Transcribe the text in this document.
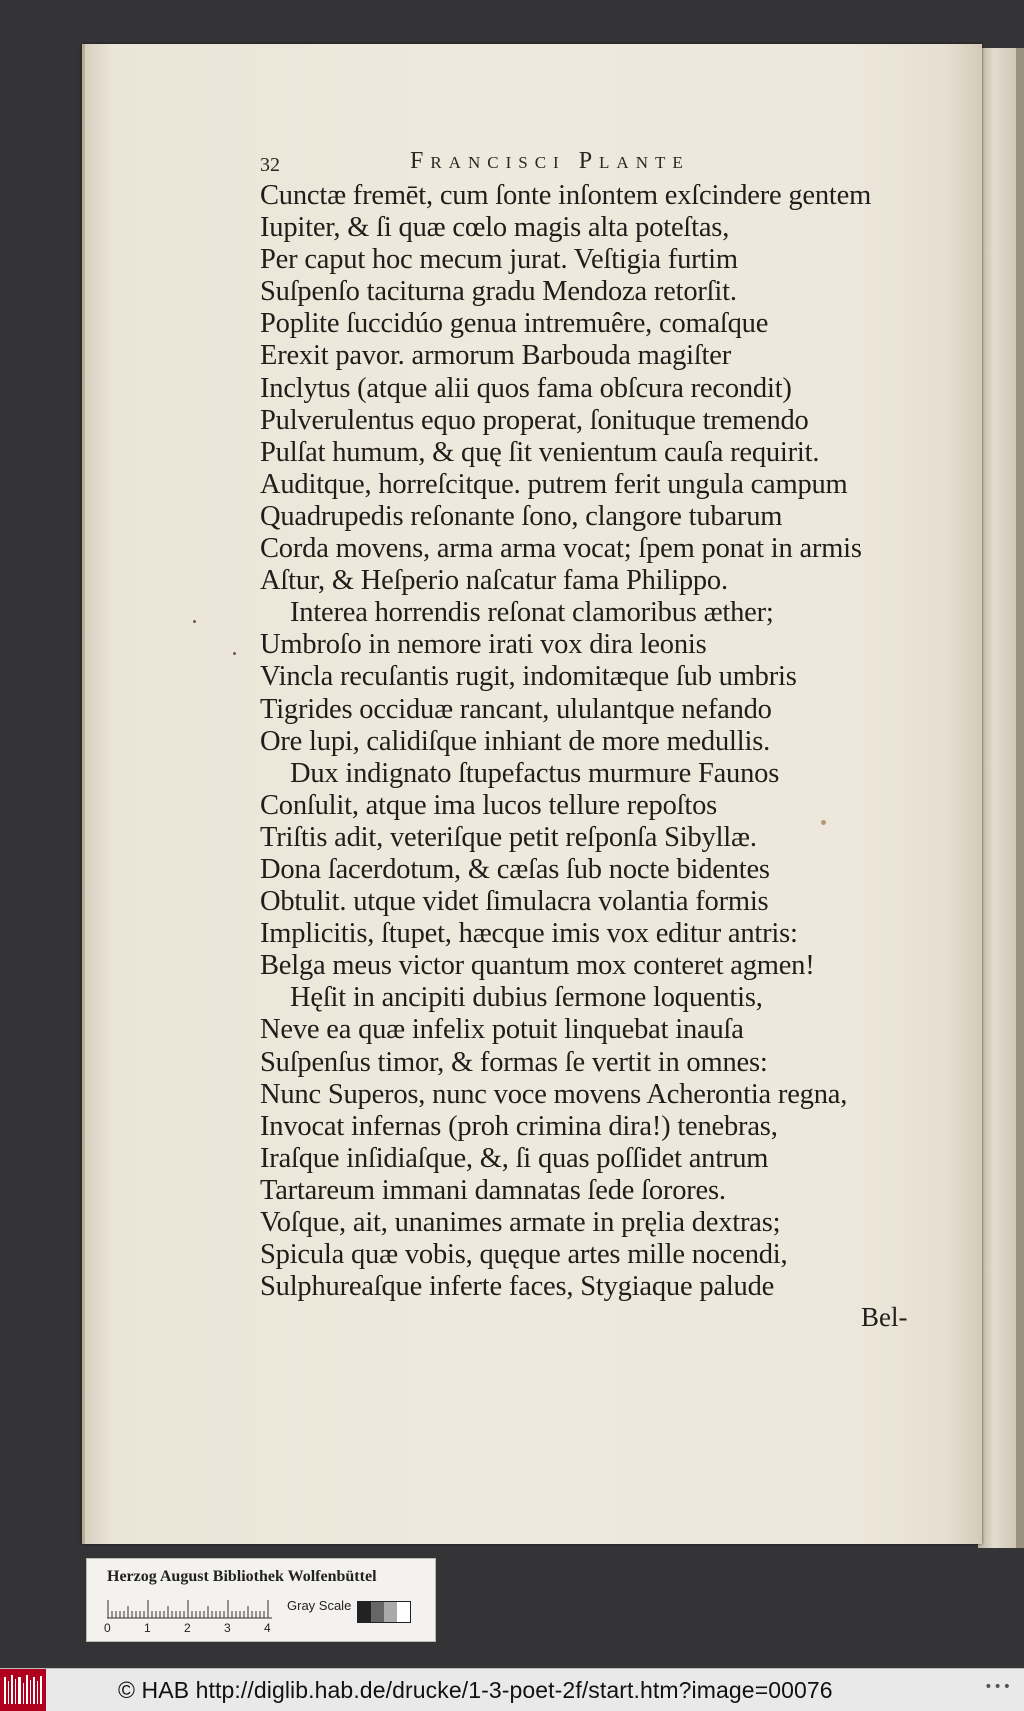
32	Francisci Plante
Cunctæ fremēt, cum ſonte inſontem exſcindere gentem
Iupiter, & ſi quæ cœlo magis alta poteſtas,
Per caput hoc mecum jurat. Veſtigia furtim
Suſpenſo taciturna gradu Mendoza retorſit.
Poplite ſuccidúo genua intremuêre, comaſque
Erexit pavor. armorum Barbouda magiſter
Inclytus (atque alii quos fama obſcura recondit)
Pulverulentus equo properat, ſonituque tremendo
Pulſat humum, & quę ſit venientum cauſa requirit.
Auditque, horreſcitque. putrem ferit ungula campum
Quadrupedis reſonante ſono, clangore tubarum
Corda movens, arma arma vocat; ſpem ponat in armis
Aſtur, & Heſperio naſcatur fama Philippo.
Interea horrendis reſonat clamoribus æther;
Umbroſo in nemore irati vox dira leonis
Vincla recuſantis rugit, indomitæque ſub umbris
Tigrides occiduæ rancant, ululantque nefando
Ore lupi, calidiſque inhiant de more medullis.
Dux indignato ſtupefactus murmure Faunos
Conſulit, atque ima lucos tellure repoſtos
Triſtis adit, veteriſque petit reſponſa Sibyllæ.
Dona ſacerdotum, & cæſas ſub nocte bidentes
Obtulit. utque videt ſimulacra volantia formis
Implicitis, ſtupet, hæcque imis vox editur antris:
Belga meus victor quantum mox conteret agmen!
Hęſit in ancipiti dubius ſermone loquentis,
Neve ea quæ infelix potuit linquebat inauſa
Suſpenſus timor, & formas ſe vertit in omnes:
Nunc Superos, nunc voce movens Acherontia regna,
Invocat infernas (proh crimina dira!) tenebras,
Iraſque inſidiaſque, &, ſi quas poſſidet antrum
Tartareum immani damnatas ſede ſorores.
Voſque, ait, unanimes armate in pręlia dextras;
Spicula quæ vobis, quęque artes mille nocendi,
Sulphureaſque inferte faces, Stygiaque palude
Bel-
Herzog August Bibliothek Wolfenbüttel
0	1	2	3	4
Gray Scale
© HAB http://diglib.hab.de/drucke/1-3-poet-2f/start.htm?image=00076	•••
